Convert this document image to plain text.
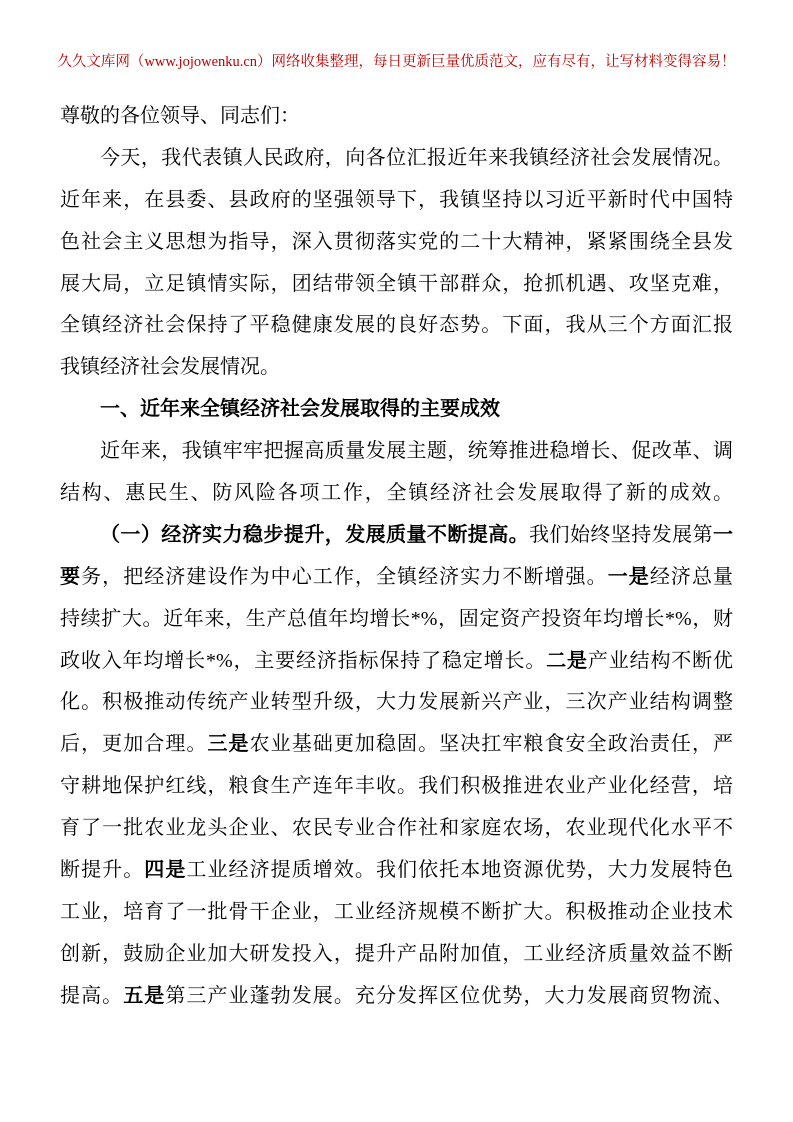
久久文库网（www.jojowenku.cn）网络收集整理，每日更新巨量优质范文，应有尽有，让写材料变得容易！
尊敬的各位领导、同志们：
今天，我代表镇人民政府，向各位汇报近年来我镇经济社会发展情况。
近年来，在县委、县政府的坚强领导下，我镇坚持以习近平新时代中国特
色社会主义思想为指导，深入贯彻落实党的二十大精神，紧紧围绕全县发
展大局，立足镇情实际，团结带领全镇干部群众，抢抓机遇、攻坚克难，
全镇经济社会保持了平稳健康发展的良好态势。下面，我从三个方面汇报
我镇经济社会发展情况。
一、近年来全镇经济社会发展取得的主要成效
近年来，我镇牢牢把握高质量发展主题，统筹推进稳增长、促改革、调
结构、惠民生、防风险各项工作，全镇经济社会发展取得了新的成效。
（一）经济实力稳步提升，发展质量不断提高。我们始终坚持发展第一
要务，把经济建设作为中心工作，全镇经济实力不断增强。一是经济总量
持续扩大。近年来，生产总值年均增长*%，固定资产投资年均增长*%，财
政收入年均增长*%，主要经济指标保持了稳定增长。二是产业结构不断优
化。积极推动传统产业转型升级，大力发展新兴产业，三次产业结构调整
后，更加合理。三是农业基础更加稳固。坚决扛牢粮食安全政治责任，严
守耕地保护红线，粮食生产连年丰收。我们积极推进农业产业化经营，培
育了一批农业龙头企业、农民专业合作社和家庭农场，农业现代化水平不
断提升。四是工业经济提质增效。我们依托本地资源优势，大力发展特色
工业，培育了一批骨干企业，工业经济规模不断扩大。积极推动企业技术
创新，鼓励企业加大研发投入，提升产品附加值，工业经济质量效益不断
提高。五是第三产业蓬勃发展。充分发挥区位优势，大力发展商贸物流、
